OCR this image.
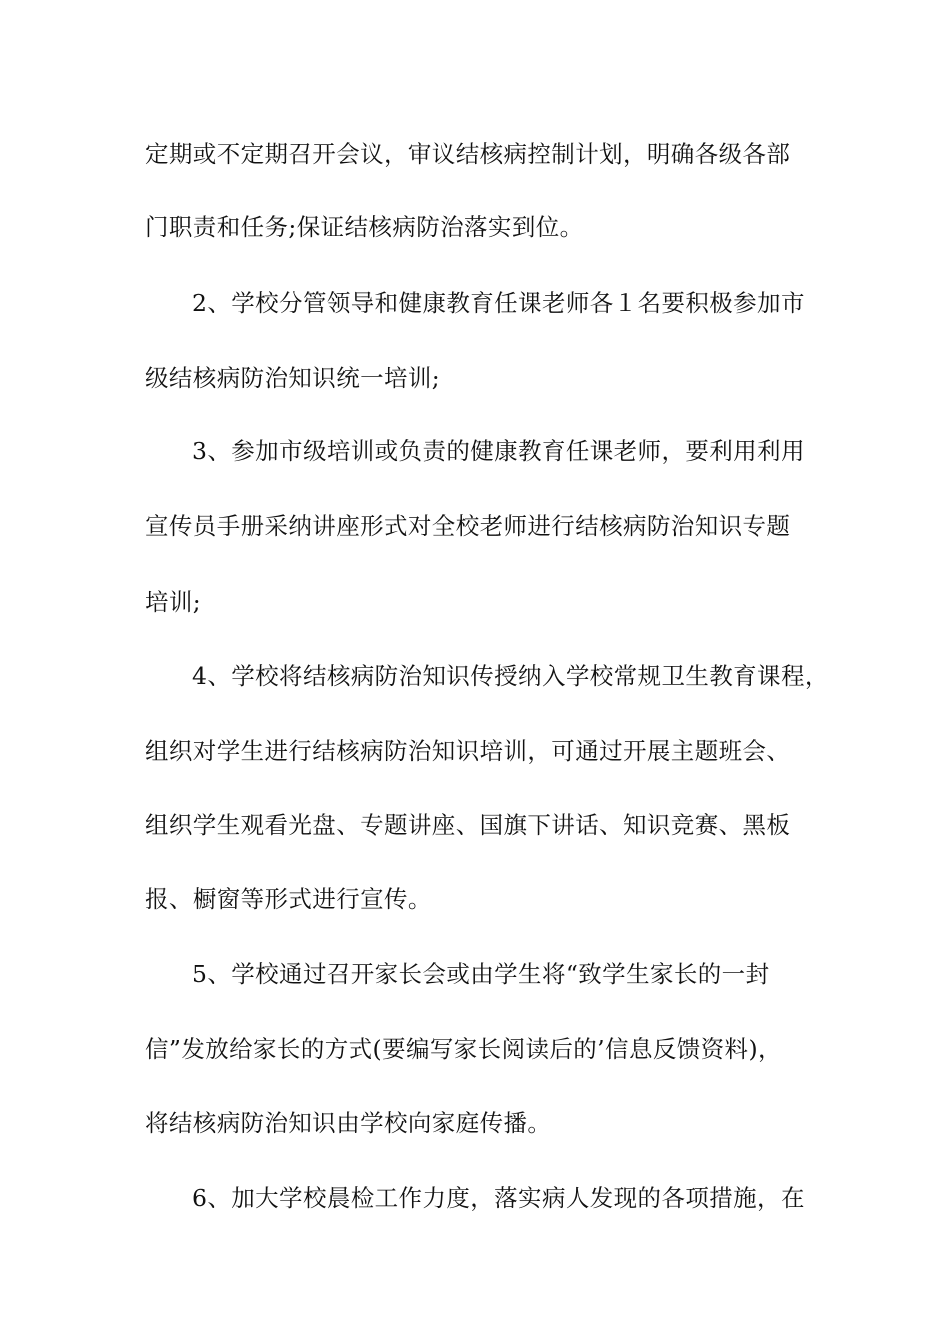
定期或不定期召开会议，审议结核病控制计划，明确各级各部
门职责和任务;保证结核病防治落实到位。
2、学校分管领导和健康教育任课老师各１名要积极参加市
级结核病防治知识统一培训;
3、参加市级培训或负责的健康教育任课老师，要利用利用
宣传员手册采纳讲座形式对全校老师进行结核病防治知识专题
培训;
4、学校将结核病防治知识传授纳入学校常规卫生教育课程，
组织对学生进行结核病防治知识培训，可通过开展主题班会、
组织学生观看光盘、专题讲座、国旗下讲话、知识竞赛、黑板
报、橱窗等形式进行宣传。
5、学校通过召开家长会或由学生将“致学生家长的一封
信”发放给家长的方式(要编写家长阅读后的’信息反馈资料)，
将结核病防治知识由学校向家庭传播。
6、加大学校晨检工作力度，落实病人发现的各项措施，在
